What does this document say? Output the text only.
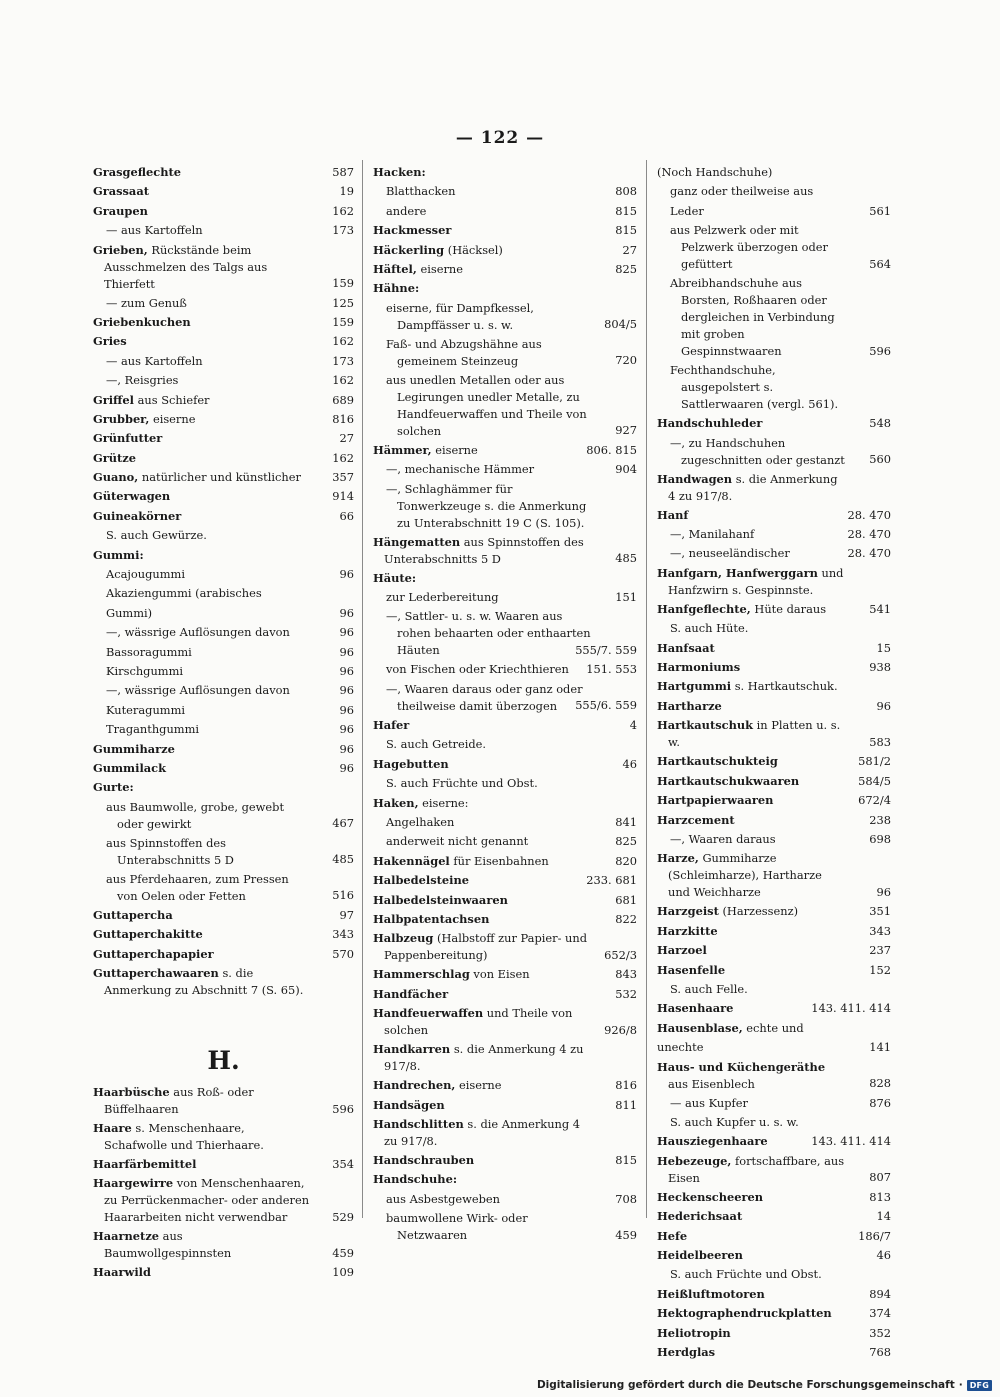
— 122 —
Grasgeflechte	587
Grassaat	19
Graupen	162
— aus Kartoffeln	173
Grieben, Rückstände beim Ausschmelzen des Talgs aus Thierfett	159
— zum Genuß	125
Griebenkuchen	159
Gries	162
— aus Kartoffeln	173
—, Reisgries	162
Griffel aus Schiefer	689
Grubber, eiserne	816
Grünfutter	27
Grütze	162
Guano, natürlicher und künstlicher	357
Güterwagen	914
Guineakörner	66
S. auch Gewürze.
Gummi:
Acajougummi	96
Akaziengummi (arabisches Gummi)	96
—, wässrige Auflösungen davon	96
Bassoragummi	96
Kirschgummi	96
—, wässrige Auflösungen davon	96
Kuteragummi	96
Traganthgummi	96
Gummiharze	96
Gummilack	96
Gurte:
aus Baumwolle, grobe, gewebt oder gewirkt	467
aus Spinnstoffen des Unterabschnitts 5 D	485
aus Pferdehaaren, zum Pressen von Oelen oder Fetten	516
Guttapercha	97
Guttaperchakitte	343
Guttaperchapapier	570
Guttaperchawaaren s. die Anmerkung zu Abschnitt 7 (S. 65).
H.
Haarbüsche aus Roß- oder Büffelhaaren	596
Haare s. Menschenhaare, Schafwolle und Thierhaare.
Haarfärbemittel	354
Haargewirre von Menschenhaaren, zu Perrückenmacher- oder anderen Haararbeiten nicht verwendbar	529
Haarnetze aus Baumwollgespinnsten	459
Haarwild	109
Hacken:
Blatthacken	808
andere	815
Hackmesser	815
Häckerling (Häcksel)	27
Häftel, eiserne	825
Hähne:
eiserne, für Dampfkessel, Dampffässer u. s. w.	804/5
Faß- und Abzugshähne aus gemeinem Steinzeug	720
aus unedlen Metallen oder aus Legirungen unedler Metalle, zu Handfeuerwaffen und Theile von solchen	927
Hämmer, eiserne	806. 815
—, mechanische Hämmer	904
—, Schlaghämmer für Tonwerkzeuge s. die Anmerkung zu Unterabschnitt 19 C (S. 105).
Hängematten aus Spinnstoffen des Unterabschnitts 5 D	485
Häute:
zur Lederbereitung	151
—, Sattler- u. s. w. Waaren aus rohen behaarten oder enthaarten Häuten	555/7. 559
von Fischen oder Kriechthieren	151. 553
—, Waaren daraus oder ganz oder theilweise damit überzogen	555/6. 559
Hafer	4
S. auch Getreide.
Hagebutten	46
S. auch Früchte und Obst.
Haken, eiserne:
Angelhaken	841
anderweit nicht genannt	825
Hakennägel für Eisenbahnen	820
Halbedelsteine	233. 681
Halbedelsteinwaaren	681
Halbpatentachsen	822
Halbzeug (Halbstoff zur Papier- und Pappenbereitung)	652/3
Hammerschlag von Eisen	843
Handfächer	532
Handfeuerwaffen und Theile von solchen	926/8
Handkarren s. die Anmerkung 4 zu 917/8.
Handrechen, eiserne	816
Handsägen	811
Handschlitten s. die Anmerkung 4 zu 917/8.
Handschrauben	815
Handschuhe:
aus Asbestgeweben	708
baumwollene Wirk- oder Netzwaaren	459
(Noch Handschuhe)
ganz oder theilweise aus Leder	561
aus Pelzwerk oder mit Pelzwerk überzogen oder gefüttert	564
Abreibhandschuhe aus Borsten, Roßhaaren oder dergleichen in Verbindung mit groben Gespinnstwaaren	596
Fechthandschuhe, ausgepolstert s. Sattlerwaaren (vergl. 561).
Handschuhleder	548
—, zu Handschuhen zugeschnitten oder gestanzt 560
Handwagen s. die Anmerkung 4 zu 917/8.
Hanf	28. 470
—, Manilahanf	28. 470
—, neuseeländischer	28. 470
Hanfgarn, Hanfwerggarn und Hanfzwirn s. Gespinnste.
Hanfgeflechte, Hüte daraus	541
S. auch Hüte.
Hanfsaat	15
Harmoniums	938
Hartgummi s. Hartkautschuk.
Hartharze	96
Hartkautschuk in Platten u. s. w.	583
Hartkautschukteig	581/2
Hartkautschukwaaren	584/5
Hartpapierwaaren	672/4
Harzcement	238
—, Waaren daraus	698
Harze, Gummiharze (Schleimharze), Hartharze und Weichharze	96
Harzgeist (Harzessenz)	351
Harzkitte	343
Harzoel	237
Hasenfelle	152
S. auch Felle.
Hasenhaare	143. 411. 414
Hausenblase, echte und unechte	141
Haus- und Küchengeräthe aus Eisenblech	828
— aus Kupfer	876
S. auch Kupfer u. s. w.
Hausziegenhaare	143. 411. 414
Hebezeuge, fortschaffbare, aus Eisen	807
Heckenscheeren	813
Hederichsaat	14
Hefe	186/7
Heidelbeeren	46
S. auch Früchte und Obst.
Heißluftmotoren	894
Hektographendruckplatten	374
Heliotropin	352
Herdglas	768
Digitalisierung gefördert durch die Deutsche Forschungsgemeinschaft · DFG
